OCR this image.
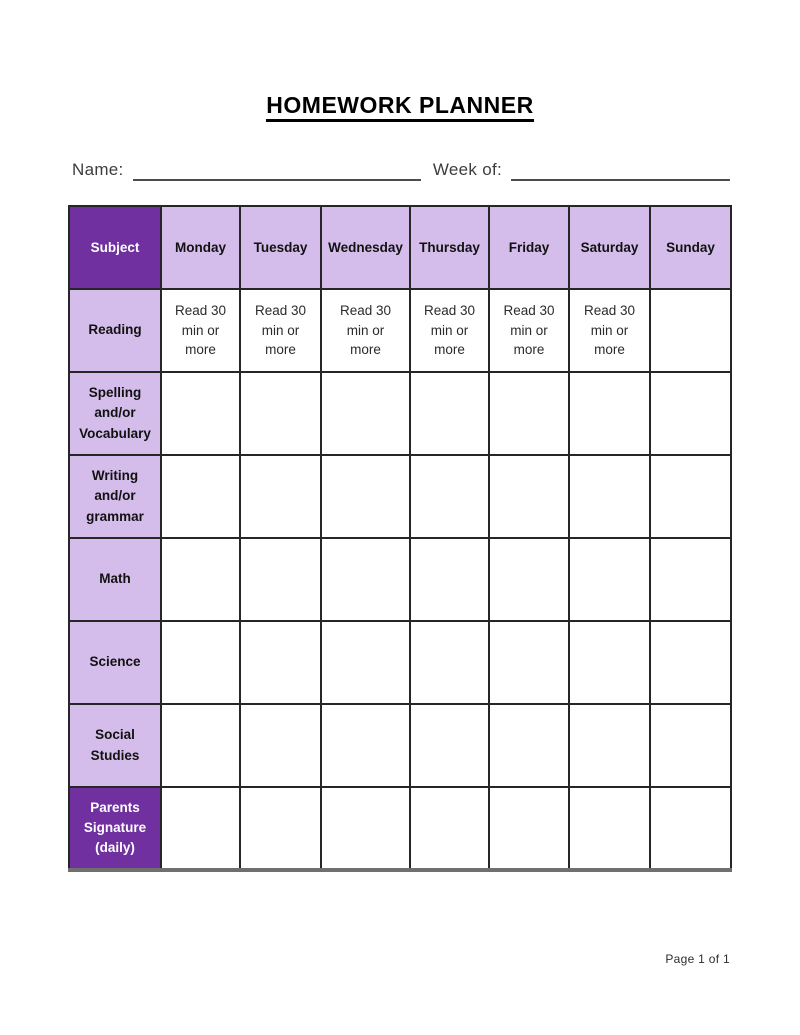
HOMEWORK PLANNER
Name:	Week of:
Subject	Monday	Tuesday	Wednesday	Thursday	Friday	Saturday	Sunday
Reading	Read 30 min or more	Read 30 min or more	Read 30 min or more	Read 30 min or more	Read 30 min or more	Read 30 min or more	
Spelling and/or Vocabulary							
Writing and/or grammar							
Math							
Science							
Social Studies							
Parents Signature (daily)							
Page 1 of 1
